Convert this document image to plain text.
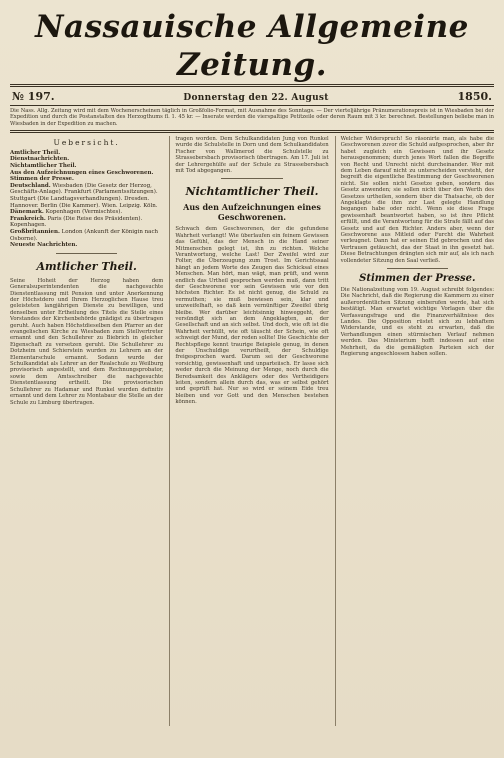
Nassauische Allgemeine Zeitung.
№ 197.	Donnerstag den 22. August	1850.
Die Nass. Allg. Zeitung wird mit dem Wochenerscheinen täglich in Großfolio-Format, mit Ausnahme des Sonntags. — Der vierteljährige Pränumerationspreis ist in Wiesbaden bei der Expedition und durch die Postanstalten des Herzogthums fl. 1. 45 kr. — Inserate werden die vierspaltige Petitzeile oder deren Raum mit 3 kr. berechnet. Bestellungen beliebe man in Wiesbaden in der Expedition zu machen.
Uebersicht.

Amtlicher Theil.

Dienstnachrichten.

Nichtamtlicher Theil.

Aus den Aufzeichnungen eines Geschworenen.

Stimmen der Presse.

Deutschland. Wiesbaden (Die Gesetz der Herzog, Geschäfts-Anlage). Frankfurt (Parlamentssitzungen). Stuttgart (Die Landtagsverhandlungen). Dresden. Hannover. Berlin (Die Kammer). Wien. Leipzig. Köln.

Dänemark. Kopenhagen (Vermischtes).

Frankreich. Paris (Die Reise des Präsidenten). Kopenhagen.

Großbritannien. London (Ankunft der Königin nach Osborne).

Neueste Nachrichten.

Amtlicher Theil.

Seine Hoheit der Herzog haben dem Generalsuperintendenten die nachgesuchte Dienstentlassung mit Pension und unter Anerkennung der Höchstdero und Ihrem Herzoglichen Hause treu geleisteten langjährigen Dienste zu bewilligen, und denselben unter Ertheilung des Titels die Stelle eines Vorstandes der Kirchenbehörde gnädigst zu übertragen geruht. Auch haben Höchstdieselben den Pfarrer an der evangelischen Kirche zu Wiesbaden zum Stellvertreter ernannt und den Schullehrer zu Biebrich in gleicher Eigenschaft zu versetzen geruht. Die Schullehrer zu Dotzheim und Schierstein wurden zu Lehrern an der Elementarschule ernannt. Sodann wurde der Schulkandidat als Lehrer an der Realschule zu Weilburg provisorisch angestellt, und dem Rechnungsprobator, sowie dem Amtsschreiber die nachgesuchte Dienstentlassung ertheilt. Die provisorischen Schullehrer zu Hadamar und Runkel wurden definitiv ernannt und dem Lehrer zu Montabaur die Stelle an der Schule zu Limburg übertragen.

tragen worden. Dem Schulkandidaten Jung von Runkel wurde die Schulstelle in Dorn und dem Schulkandidaten Fischer von Wallmerod die Schulstelle zu Strassebersbach provisorisch übertragen. Am 17. Juli ist der Lehrergehülfe auf der Schule zu Strassebersbach mit Tod abgegangen.

Nichtamtlicher Theil.
Aus den Aufzeichnungen eines Geschworenen.

Schwach dem Geschworenen, der die gefundene Wahrheit verlangt! Wie überlaufen ein feinem Gewissen das Gefühl, das der Mensch in die Hand seiner Mitmenschen gelegt ist, ihn zu richten. Welche Verantwortung, welche Last! Der Zweifel wird zur Folter, die Überzeugung zum Trost. Im Gerichtssaal hängt an jedem Worte des Zeugen das Schicksal eines Menschen. Man hört, man wägt, man prüft, und wenn endlich das Urtheil gesprochen werden muß, dann tritt der Geschworene vor sein Gewissen wie vor den höchsten Richter. Es ist nicht genug, die Schuld zu vermuthen; sie muß bewiesen sein, klar und unzweifelhaft, so daß kein vernünftiger Zweifel übrig bleibe. Wer darüber leichtsinnig hinweggeht, der versündigt sich an dem Angeklagten, an der Gesellschaft und an sich selbst. Und doch, wie oft ist die Wahrheit verhüllt, wie oft täuscht der Schein, wie oft schweigt der Mund, der reden sollte! Die Geschichte der Rechtspflege kennt traurige Beispiele genug, in denen der Unschuldige verurtheilt, der Schuldige freigesprochen ward. Darum sei der Geschworene vorsichtig, gewissenhaft und unparteiisch. Er lasse sich weder durch die Meinung der Menge, noch durch die Beredsamkeit des Anklägers oder des Vertheidigers leiten, sondern allein durch das, was er selbst gehört und geprüft hat. Nur so wird er seinem Eide treu bleiben und vor Gott und den Menschen bestehen können.

Welcher Widerspruch! So räsonirte man, als habe die Geschworenen zuvor die Schuld aufgesprochen, aber ihr habet zugleich ein Gewissen und ihr Gesetz herausgenommen; durch jenes Wort fallen die Begriffe von Recht und Unrecht nicht durcheinander. Wer mit dem Leben darauf nicht zu unterscheiden versteht, der begreift die eigentliche Bestimmung der Geschworenen nicht. Sie sollen nicht Gesetze geben, sondern das Gesetz anwenden; sie sollen nicht über den Werth des Gesetzes urtheilen, sondern über die Thatsache, ob der Angeklagte die ihm zur Last gelegte Handlung begangen habe oder nicht. Wenn sie diese Frage gewissenhaft beantwortet haben, so ist ihre Pflicht erfüllt, und die Verantwortung für die Strafe fällt auf das Gesetz und auf den Richter. Anders aber, wenn der Geschworene aus Mitleid oder Furcht die Wahrheit verleugnet. Dann hat er seinen Eid gebrochen und das Vertrauen getäuscht, das der Staat in ihn gesetzt hat. Diese Betrachtungen drängten sich mir auf, als ich nach vollendeter Sitzung den Saal verließ.

Stimmen der Presse.

Die Nationalzeitung vom 19. August schreibt folgendes: Die Nachricht, daß die Regierung die Kammern zu einer außerordentlichen Sitzung einberufen werde, hat sich bestätigt. Man erwartet wichtige Vorlagen über die Verfassungsfrage und die Finanzverhältnisse des Landes. Die Opposition rüstet sich zu lebhaftem Widerstande, und es steht zu erwarten, daß die Verhandlungen einen stürmischen Verlauf nehmen werden. Das Ministerium hofft indessen auf eine Mehrheit, da die gemäßigten Parteien sich der Regierung angeschlossen haben sollen.
